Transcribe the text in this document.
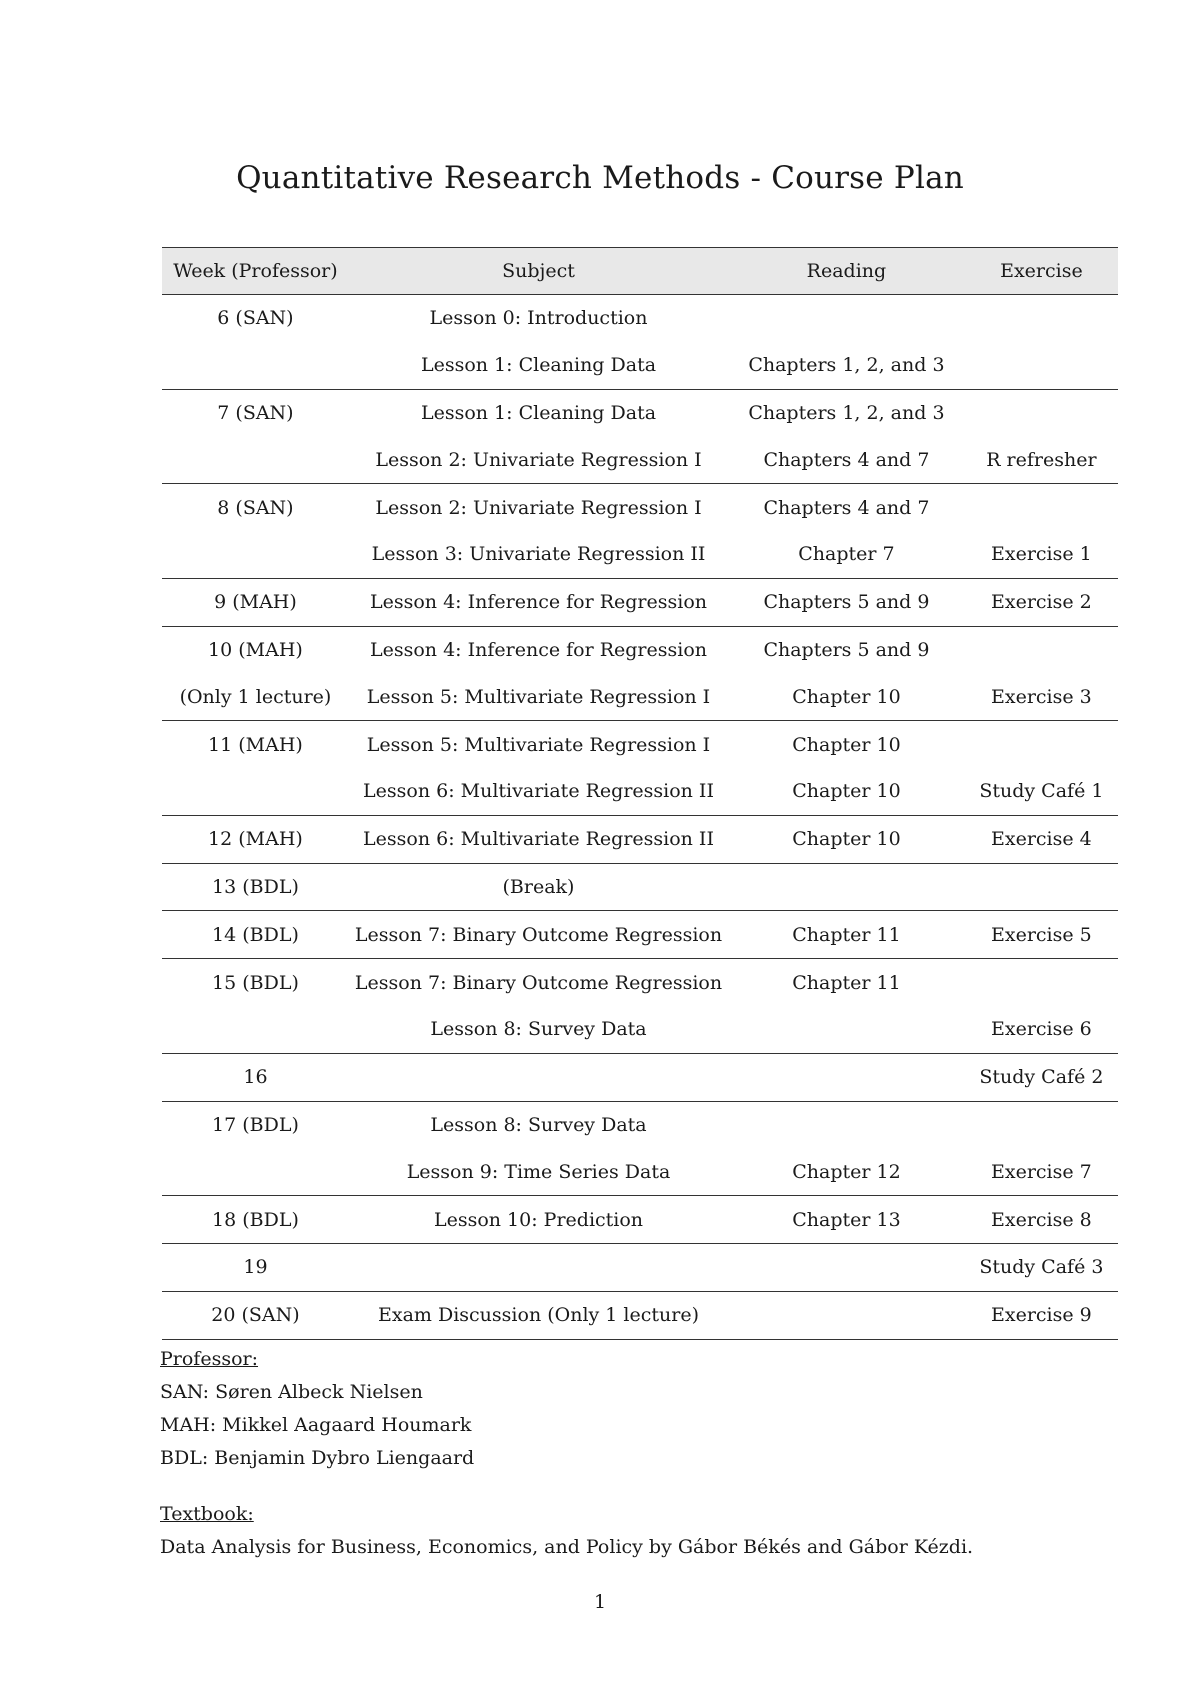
Quantitative Research Methods - Course Plan
Week (Professor)	Subject	Reading	Exercise
6 (SAN)	Lesson 0: Introduction		
	Lesson 1: Cleaning Data	Chapters 1, 2, and 3	
7 (SAN)	Lesson 1: Cleaning Data	Chapters 1, 2, and 3	
	Lesson 2: Univariate Regression I	Chapters 4 and 7	R refresher
8 (SAN)	Lesson 2: Univariate Regression I	Chapters 4 and 7	
	Lesson 3: Univariate Regression II	Chapter 7	Exercise 1
9 (MAH)	Lesson 4: Inference for Regression	Chapters 5 and 9	Exercise 2
10 (MAH)	Lesson 4: Inference for Regression	Chapters 5 and 9	
(Only 1 lecture)	Lesson 5: Multivariate Regression I	Chapter 10	Exercise 3
11 (MAH)	Lesson 5: Multivariate Regression I	Chapter 10	
	Lesson 6: Multivariate Regression II	Chapter 10	Study Café 1
12 (MAH)	Lesson 6: Multivariate Regression II	Chapter 10	Exercise 4
13 (BDL)	(Break)		
14 (BDL)	Lesson 7: Binary Outcome Regression	Chapter 11	Exercise 5
15 (BDL)	Lesson 7: Binary Outcome Regression	Chapter 11	
	Lesson 8: Survey Data		Exercise 6
16			Study Café 2
17 (BDL)	Lesson 8: Survey Data		
	Lesson 9: Time Series Data	Chapter 12	Exercise 7
18 (BDL)	Lesson 10: Prediction	Chapter 13	Exercise 8
19			Study Café 3
20 (SAN)	Exam Discussion (Only 1 lecture)		Exercise 9
Professor:
SAN: Søren Albeck Nielsen
MAH: Mikkel Aagaard Houmark
BDL: Benjamin Dybro Liengaard
Textbook:
Data Analysis for Business, Economics, and Policy by Gábor Békés and Gábor Kézdi.
1
